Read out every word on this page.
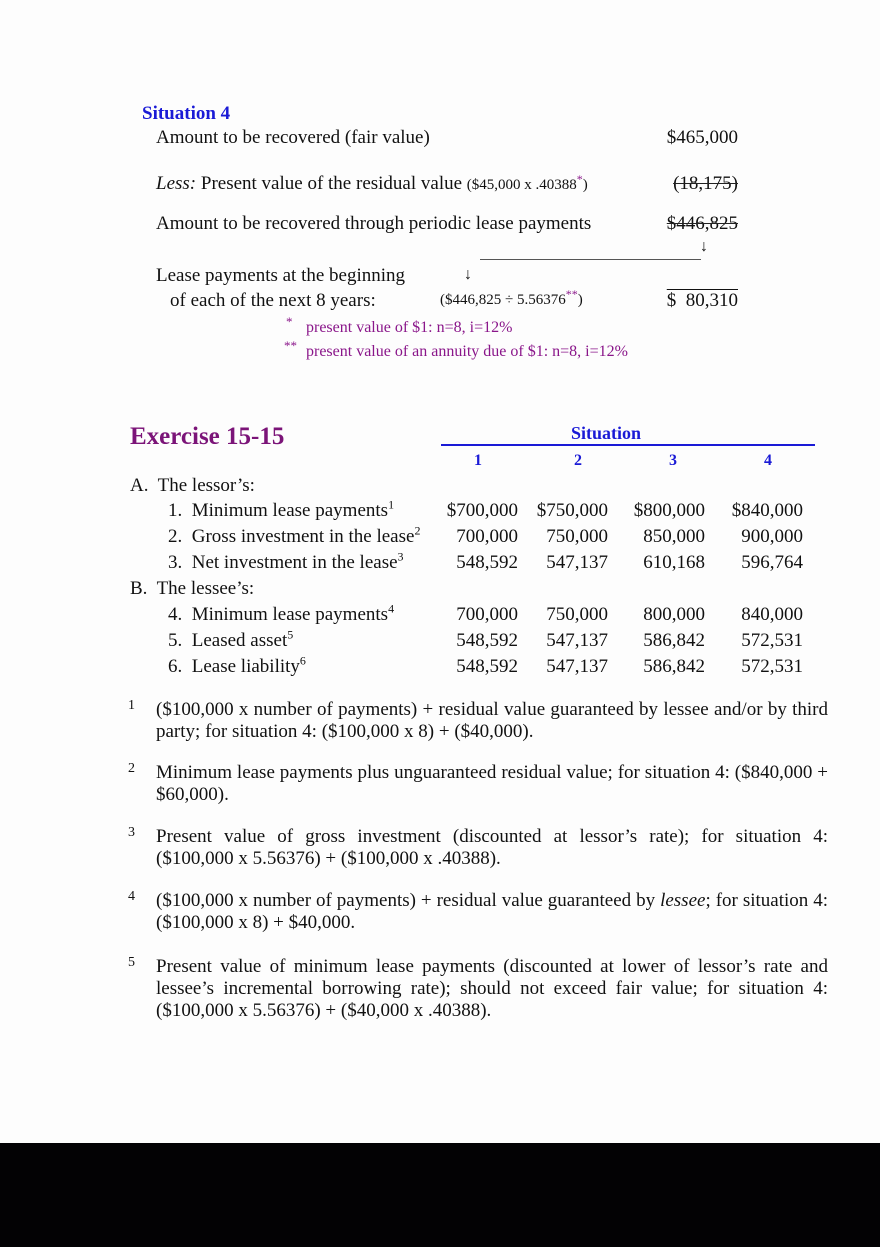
Situation 4
Amount to be recovered (fair value)	$465,000
Less: Present value of the residual value ($45,000 x .40388*)	(18,175)
Amount to be recovered through periodic lease payments	$446,825
↓
Lease payments at the beginning	↓
of each of the next 8 years:	($446,825 ÷ 5.56376**)	$  80,310
* present value of $1: n=8, i=12%
** present value of an annuity due of $1: n=8, i=12%
Exercise 15-15	Situation
1	2	3	4
A.  The lessor’s:
1.  Minimum lease payments$^1$	$700,000 $750,000	$800,000	$840,000
2.  Gross investment in the lease$^2$	700,000	750,000	850,000	900,000
3.  Net investment in the lease$^3$	548,592	547,137	610,168	596,764
B.  The lessee’s:
4.  Minimum lease payments$^4$	700,000	750,000	800,000	840,000
5.  Leased asset$^5$	548,592	547,137	586,842	572,531
6.  Lease liability$^6$	548,592	547,137	586,842	572,531
1 ($100,000 x number of payments) + residual value guaranteed by lessee and/or by third party; for situation 4: ($100,000 x 8) + ($40,000).
2 Minimum lease payments plus unguaranteed residual value; for situation 4: ($840,000 + $60,000).
3 Present value of gross investment (discounted at lessor’s rate); for situation 4: ($100,000 x 5.56376) + ($100,000 x .40388).
4 ($100,000 x number of payments) + residual value guaranteed by lessee; for situation 4: ($100,000 x 8) + $40,000.
5 Present value of minimum lease payments (discounted at lower of lessor’s rate and lessee’s incremental borrowing rate); should not exceed fair value; for situation 4: ($100,000 x 5.56376) + ($40,000 x .40388).
